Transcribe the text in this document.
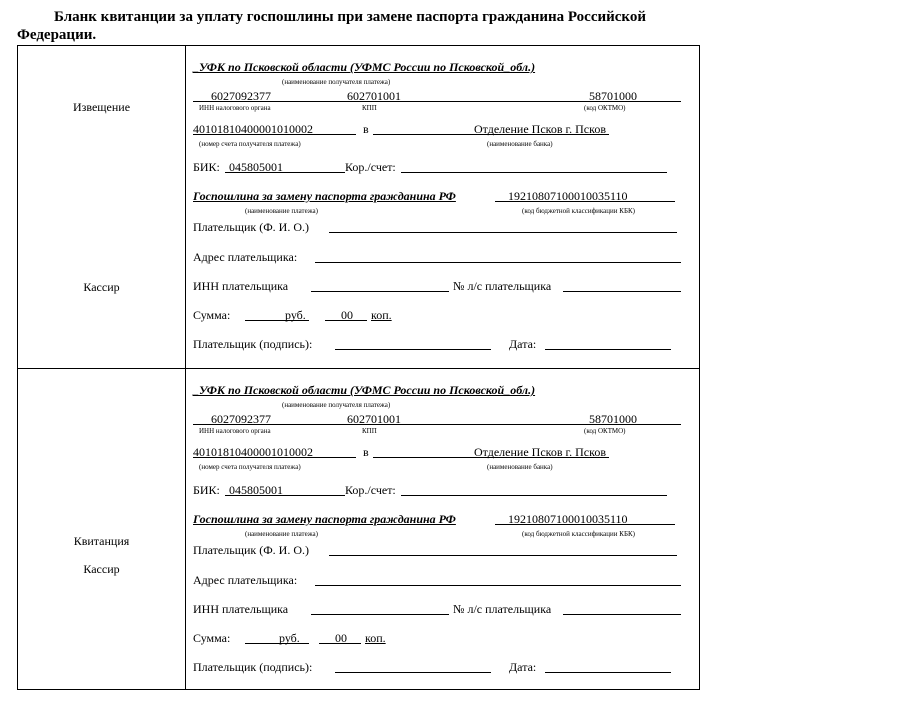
Бланк квитанции за уплату госпошлины при замене паспорта гражданина Российской
Федерации.
Извещение
Кассир
_УФК по Псковской области (УФМС России по Псковской_обл.)
(наименование получателя платежа)
6027092377	602701001	58701000
ИНН налогового органа	КПП	(код ОКТМО)
40101810400001010002	в	Отделение Псков г. Псков
(номер счета получателя платежа)	(наименование банка)
БИК: 045805001	Кор./счет:
Госпошлина за замену паспорта гражданина РФ	19210807100010035110
(наименование платежа)	(код бюджетной классификации КБК)
Плательщик (Ф. И. О.)
Адрес плательщика:
ИНН плательщика	№ л/с плательщика
Сумма:	руб.	00 коп.
Плательщик (подпись):	Дата:
Квитанция
Кассир
_УФК по Псковской области (УФМС России по Псковской_обл.)
(наименование получателя платежа)
6027092377	602701001	58701000
ИНН налогового органа	КПП	(код ОКТМО)
40101810400001010002	в	Отделение Псков г. Псков
(номер счета получателя платежа)	(наименование банка)
БИК: 045805001	Кор./счет:
Госпошлина за замену паспорта гражданина РФ	19210807100010035110
(наименование платежа)	(код бюджетной классификации КБК)
Плательщик (Ф. И. О.)
Адрес плательщика:
ИНН плательщика	№ л/с плательщика
Сумма:	руб.	00 коп.
Плательщик (подпись):	Дата:
